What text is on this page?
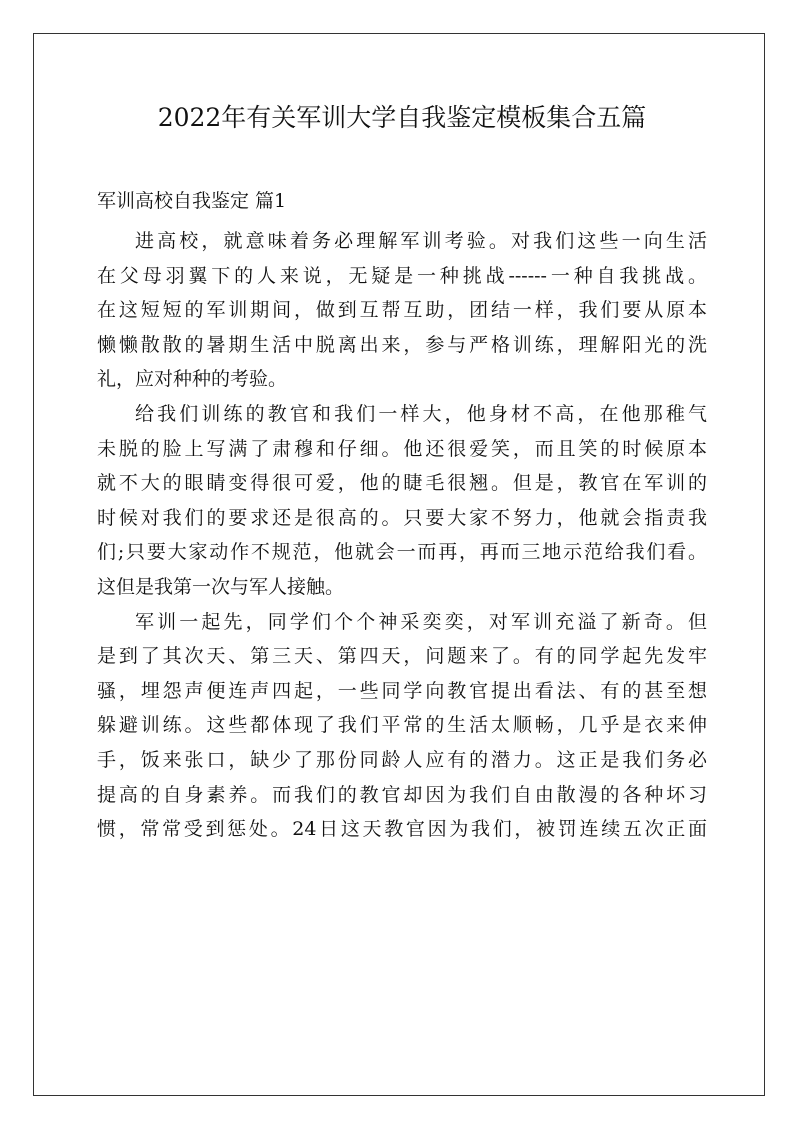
2022年有关军训大学自我鉴定模板集合五篇
军训高校自我鉴定 篇1
进高校，就意味着务必理解军训考验。对我们这些一向生活
在父母羽翼下的人来说，无疑是一种挑战------一种自我挑战。
在这短短的军训期间，做到互帮互助，团结一样，我们要从原本
懒懒散散的暑期生活中脱离出来，参与严格训练，理解阳光的洗
礼，应对种种的考验。
给我们训练的教官和我们一样大，他身材不高，在他那稚气
未脱的脸上写满了肃穆和仔细。他还很爱笑，而且笑的时候原本
就不大的眼睛变得很可爱，他的睫毛很翘。但是，教官在军训的
时候对我们的要求还是很高的。只要大家不努力，他就会指责我
们;只要大家动作不规范，他就会一而再，再而三地示范给我们看。
这但是我第一次与军人接触。
军训一起先，同学们个个神采奕奕，对军训充溢了新奇。但
是到了其次天、第三天、第四天，问题来了。有的同学起先发牢
骚，埋怨声便连声四起，一些同学向教官提出看法、有的甚至想
躲避训练。这些都体现了我们平常的生活太顺畅，几乎是衣来伸
手，饭来张口，缺少了那份同龄人应有的潜力。这正是我们务必
提高的自身素养。而我们的教官却因为我们自由散漫的各种坏习
惯，常常受到惩处。24日这天教官因为我们，被罚连续五次正面
